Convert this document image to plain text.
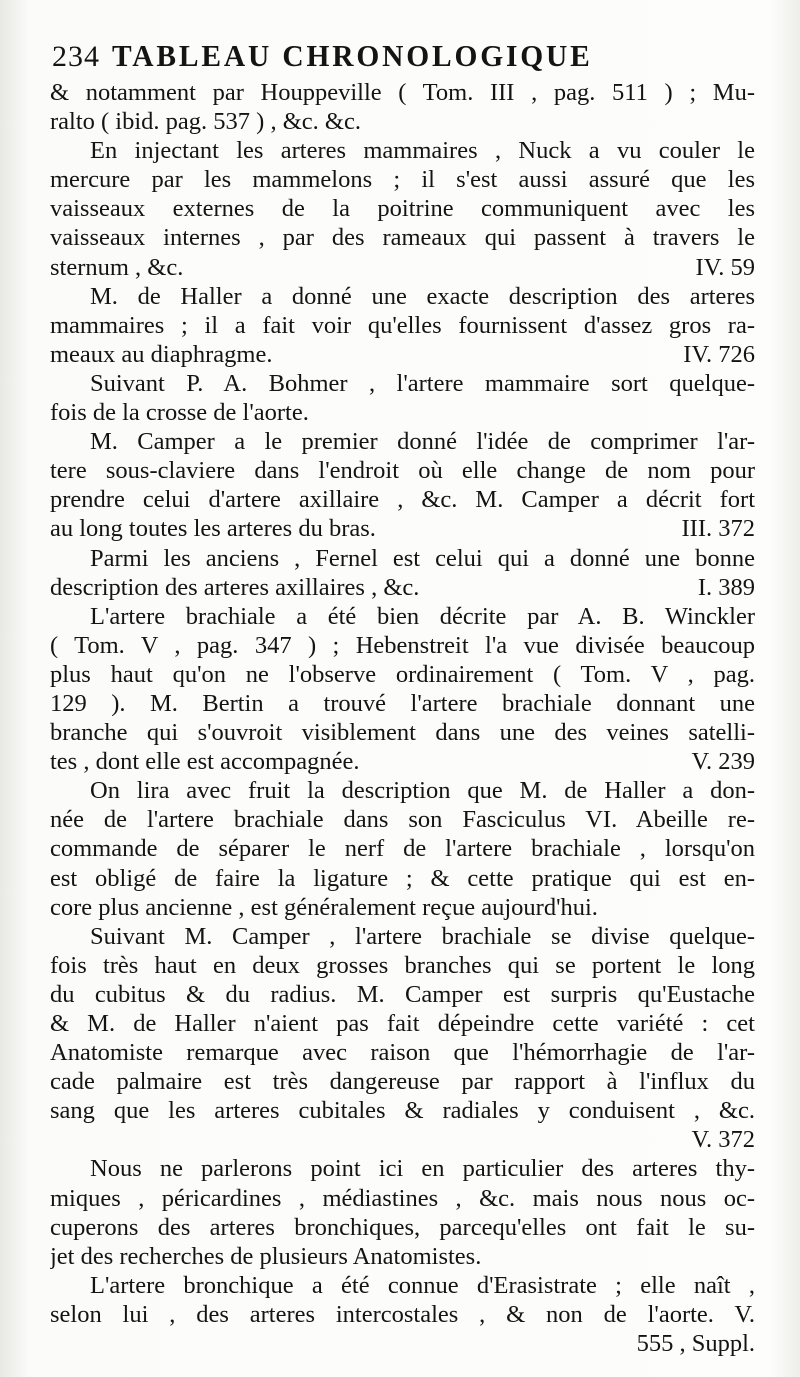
234 TABLEAU CHRONOLOGIQUE
& notamment par Houppeville ( Tom. III , pag. 511 ) ; Mu-
ralto ( ibid. pag. 537 ) , &c. &c.
En injectant les arteres mammaires , Nuck a vu couler le
mercure par les mammelons ; il s'est aussi assuré que les
vaisseaux externes de la poitrine communiquent avec les
vaisseaux internes , par des rameaux qui passent à travers le
sternum , &c.	IV. 59
M. de Haller a donné une exacte description des arteres
mammaires ; il a fait voir qu'elles fournissent d'assez gros ra-
meaux au diaphragme.	IV. 726
Suivant P. A. Bohmer , l'artere mammaire sort quelque-
fois de la crosse de l'aorte.
M. Camper a le premier donné l'idée de comprimer l'ar-
tere sous-claviere dans l'endroit où elle change de nom pour
prendre celui d'artere axillaire , &c. M. Camper a décrit fort
au long toutes les arteres du bras.	III. 372
Parmi les anciens , Fernel est celui qui a donné une bonne
description des arteres axillaires , &c.	I. 389
L'artere brachiale a été bien décrite par A. B. Winckler
( Tom. V , pag. 347 ) ; Hebenstreit l'a vue divisée beaucoup
plus haut qu'on ne l'observe ordinairement ( Tom. V , pag.
129 ). M. Bertin a trouvé l'artere brachiale donnant une
branche qui s'ouvroit visiblement dans une des veines satelli-
tes , dont elle est accompagnée.	V. 239
On lira avec fruit la description que M. de Haller a don-
née de l'artere brachiale dans son Fasciculus VI. Abeille re-
commande de séparer le nerf de l'artere brachiale , lorsqu'on
est obligé de faire la ligature ; & cette pratique qui est en-
core plus ancienne , est généralement reçue aujourd'hui.
Suivant M. Camper , l'artere brachiale se divise quelque-
fois très haut en deux grosses branches qui se portent le long
du cubitus & du radius. M. Camper est surpris qu'Eustache
& M. de Haller n'aient pas fait dépeindre cette variété : cet
Anatomiste remarque avec raison que l'hémorrhagie de l'ar-
cade palmaire est très dangereuse par rapport à l'influx du
sang que les arteres cubitales & radiales y conduisent , &c.
V. 372
Nous ne parlerons point ici en particulier des arteres thy-
miques , péricardines , médiastines , &c. mais nous nous oc-
cuperons des arteres bronchiques, parcequ'elles ont fait le su-
jet des recherches de plusieurs Anatomistes.
L'artere bronchique a été connue d'Erasistrate ; elle naît ,
selon lui , des arteres intercostales , & non de l'aorte. V.
555 , Suppl.
